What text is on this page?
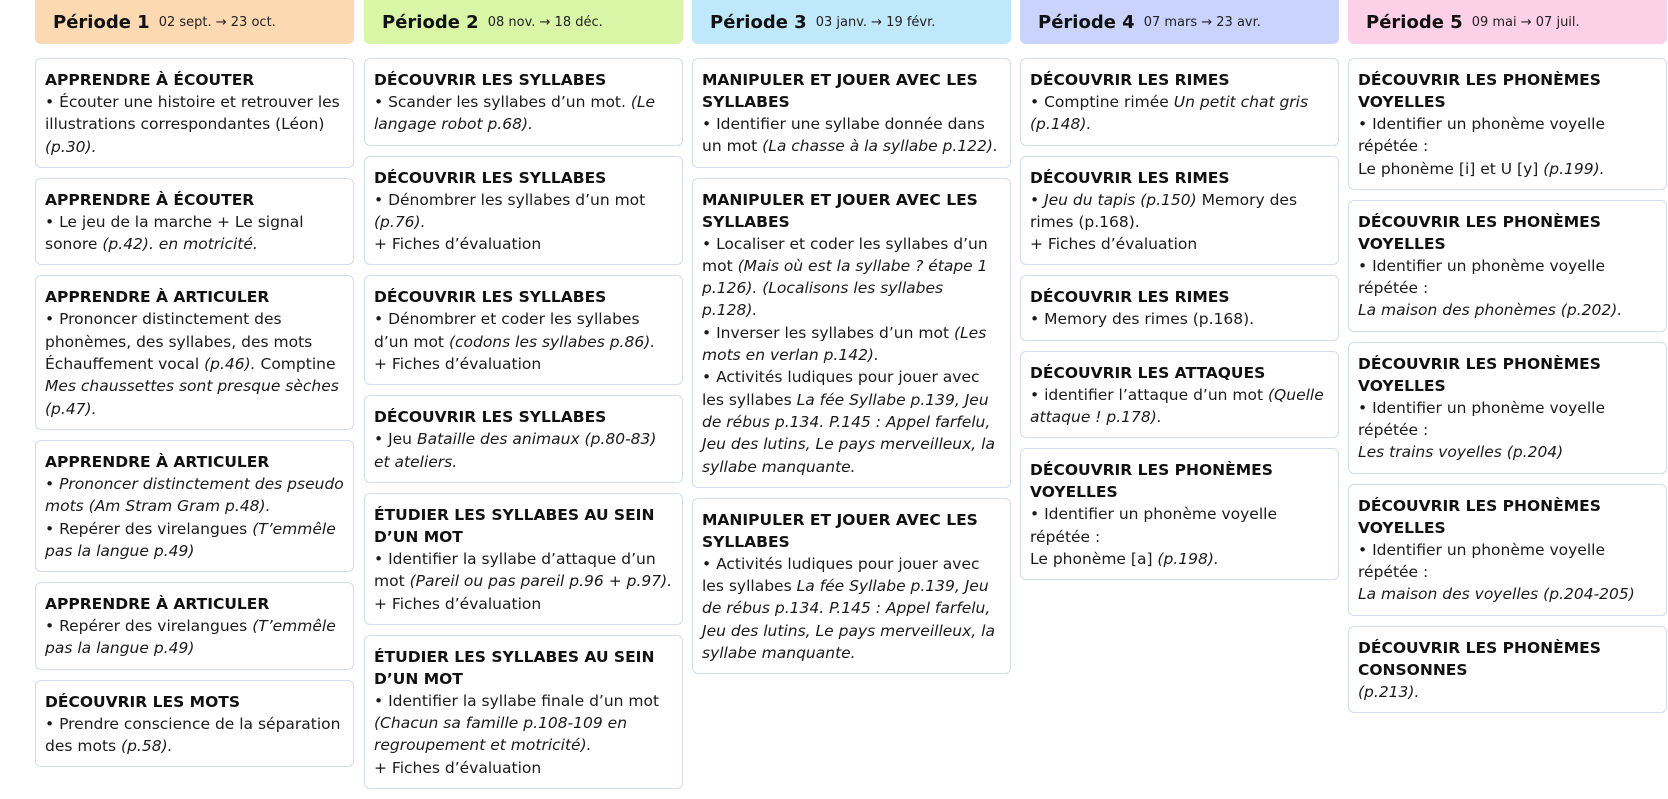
Période 1 02 sept. → 23 oct.
APPRENDRE À ÉCOUTER
• Écouter une histoire et retrouver les illustrations correspondantes (Léon) (p.30).
APPRENDRE À ÉCOUTER
• Le jeu de la marche + Le signal sonore (p.42). en motricité.
APPRENDRE À ARTICULER
• Prononcer distinctement des phonèmes, des syllabes, des mots Échauffement vocal (p.46). Comptine Mes chaussettes sont presque sèches (p.47).
APPRENDRE À ARTICULER
• Prononcer distinctement des pseudo mots (Am Stram Gram p.48).
• Repérer des virelangues (T’emmêle pas la langue p.49)
APPRENDRE À ARTICULER
• Repérer des virelangues (T’emmêle pas la langue p.49)
DÉCOUVRIR LES MOTS
• Prendre conscience de la séparation des mots (p.58).
Période 2 08 nov. → 18 déc.
DÉCOUVRIR LES SYLLABES
• Scander les syllabes d’un mot. (Le langage robot p.68).
DÉCOUVRIR LES SYLLABES
• Dénombrer les syllabes d’un mot (p.76).
+ Fiches d’évaluation
DÉCOUVRIR LES SYLLABES
• Dénombrer et coder les syllabes d’un mot (codons les syllabes p.86).
+ Fiches d’évaluation
DÉCOUVRIR LES SYLLABES
• Jeu Bataille des animaux (p.80-83) et ateliers.
ÉTUDIER LES SYLLABES AU SEIN D’UN MOT
• Identifier la syllabe d’attaque d’un mot (Pareil ou pas pareil p.96 + p.97).
+ Fiches d’évaluation
ÉTUDIER LES SYLLABES AU SEIN D’UN MOT
• Identifier la syllabe finale d’un mot (Chacun sa famille p.108-109 en regroupement et motricité).
+ Fiches d’évaluation
Période 3 03 janv. → 19 févr.
MANIPULER ET JOUER AVEC LES SYLLABES
• Identifier une syllabe donnée dans un mot (La chasse à la syllabe p.122).
MANIPULER ET JOUER AVEC LES SYLLABES
• Localiser et coder les syllabes d’un mot (Mais où est la syllabe ? étape 1 p.126). (Localisons les syllabes p.128).
• Inverser les syllabes d’un mot (Les mots en verlan p.142).
• Activités ludiques pour jouer avec les syllabes La fée Syllabe p.139, Jeu de rébus p.134. P.145 : Appel farfelu, Jeu des lutins, Le pays merveilleux, la syllabe manquante.
MANIPULER ET JOUER AVEC LES SYLLABES
• Activités ludiques pour jouer avec les syllabes La fée Syllabe p.139, Jeu de rébus p.134. P.145 : Appel farfelu, Jeu des lutins, Le pays merveilleux, la syllabe manquante.
Période 4 07 mars → 23 avr.
DÉCOUVRIR LES RIMES
• Comptine rimée Un petit chat gris (p.148).
DÉCOUVRIR LES RIMES
• Jeu du tapis (p.150) Memory des rimes (p.168).
+ Fiches d’évaluation
DÉCOUVRIR LES RIMES
• Memory des rimes (p.168).
DÉCOUVRIR LES ATTAQUES
• identifier l’attaque d’un mot (Quelle attaque ! p.178).
DÉCOUVRIR LES PHONÈMES VOYELLES
• Identifier un phonème voyelle répétée :
Le phonème [a] (p.198).
Période 5 09 mai → 07 juil.
DÉCOUVRIR LES PHONÈMES VOYELLES
• Identifier un phonème voyelle répétée :
Le phonème [i] et U [y] (p.199).
DÉCOUVRIR LES PHONÈMES VOYELLES
• Identifier un phonème voyelle répétée :
La maison des phonèmes (p.202).
DÉCOUVRIR LES PHONÈMES VOYELLES
• Identifier un phonème voyelle répétée :
Les trains voyelles (p.204)
DÉCOUVRIR LES PHONÈMES VOYELLES
• Identifier un phonème voyelle répétée :
La maison des voyelles (p.204-205)
DÉCOUVRIR LES PHONÈMES CONSONNES
(p.213).
